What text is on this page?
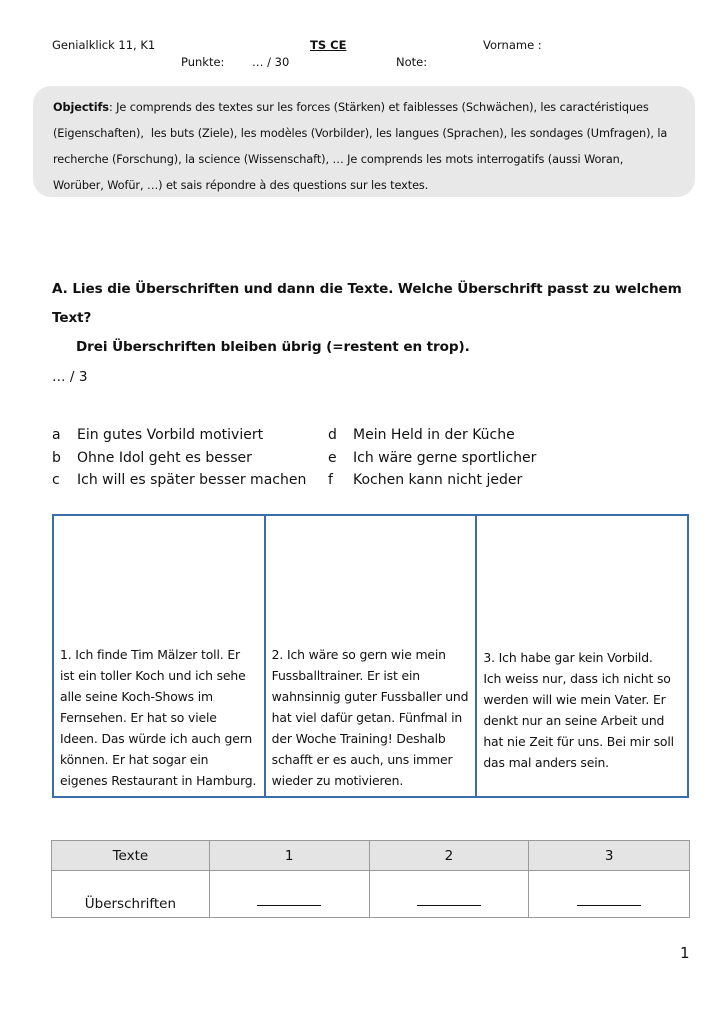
Genialklick 11, K1	TS CE	Vorname :
Punkte: … / 30	Note:
Objectifs: Je comprends des textes sur les forces (Stärken) et faiblesses (Schwächen), les caractéristiques
(Eigenschaften),  les buts (Ziele), les modèles (Vorbilder), les langues (Sprachen), les sondages (Umfragen), la
recherche (Forschung), la science (Wissenschaft), … Je comprends les mots interrogatifs (aussi Woran,
Worüber, Wofür, …) et sais répondre à des questions sur les textes.
A. Lies die Überschriften und dann die Texte. Welche Überschrift passt zu welchem
Text?
Drei Überschriften bleiben übrig (=restent en trop).
… / 3
a Ein gutes Vorbild motiviert
b Ohne Idol geht es besser
c Ich will es später besser machen
d Mein Held in der Küche
e Ich wäre gerne sportlicher
f Kochen kann nicht jeder
1. Ich finde Tim Mälzer toll. Er
ist ein toller Koch und ich sehe
alle seine Koch-Shows im
Fernsehen. Er hat so viele
Ideen. Das würde ich auch gern
können. Er hat sogar ein
eigenes Restaurant in Hamburg.
2. Ich wäre so gern wie mein
Fussballtrainer. Er ist ein
wahnsinnig guter Fussballer und
hat viel dafür getan. Fünfmal in
der Woche Training! Deshalb
schafft er es auch, uns immer
wieder zu motivieren.
3. Ich habe gar kein Vorbild.
Ich weiss nur, dass ich nicht so
werden will wie mein Vater. Er
denkt nur an seine Arbeit und
hat nie Zeit für uns. Bei mir soll
das mal anders sein.
Texte	1	2	3
Überschriften			
1
